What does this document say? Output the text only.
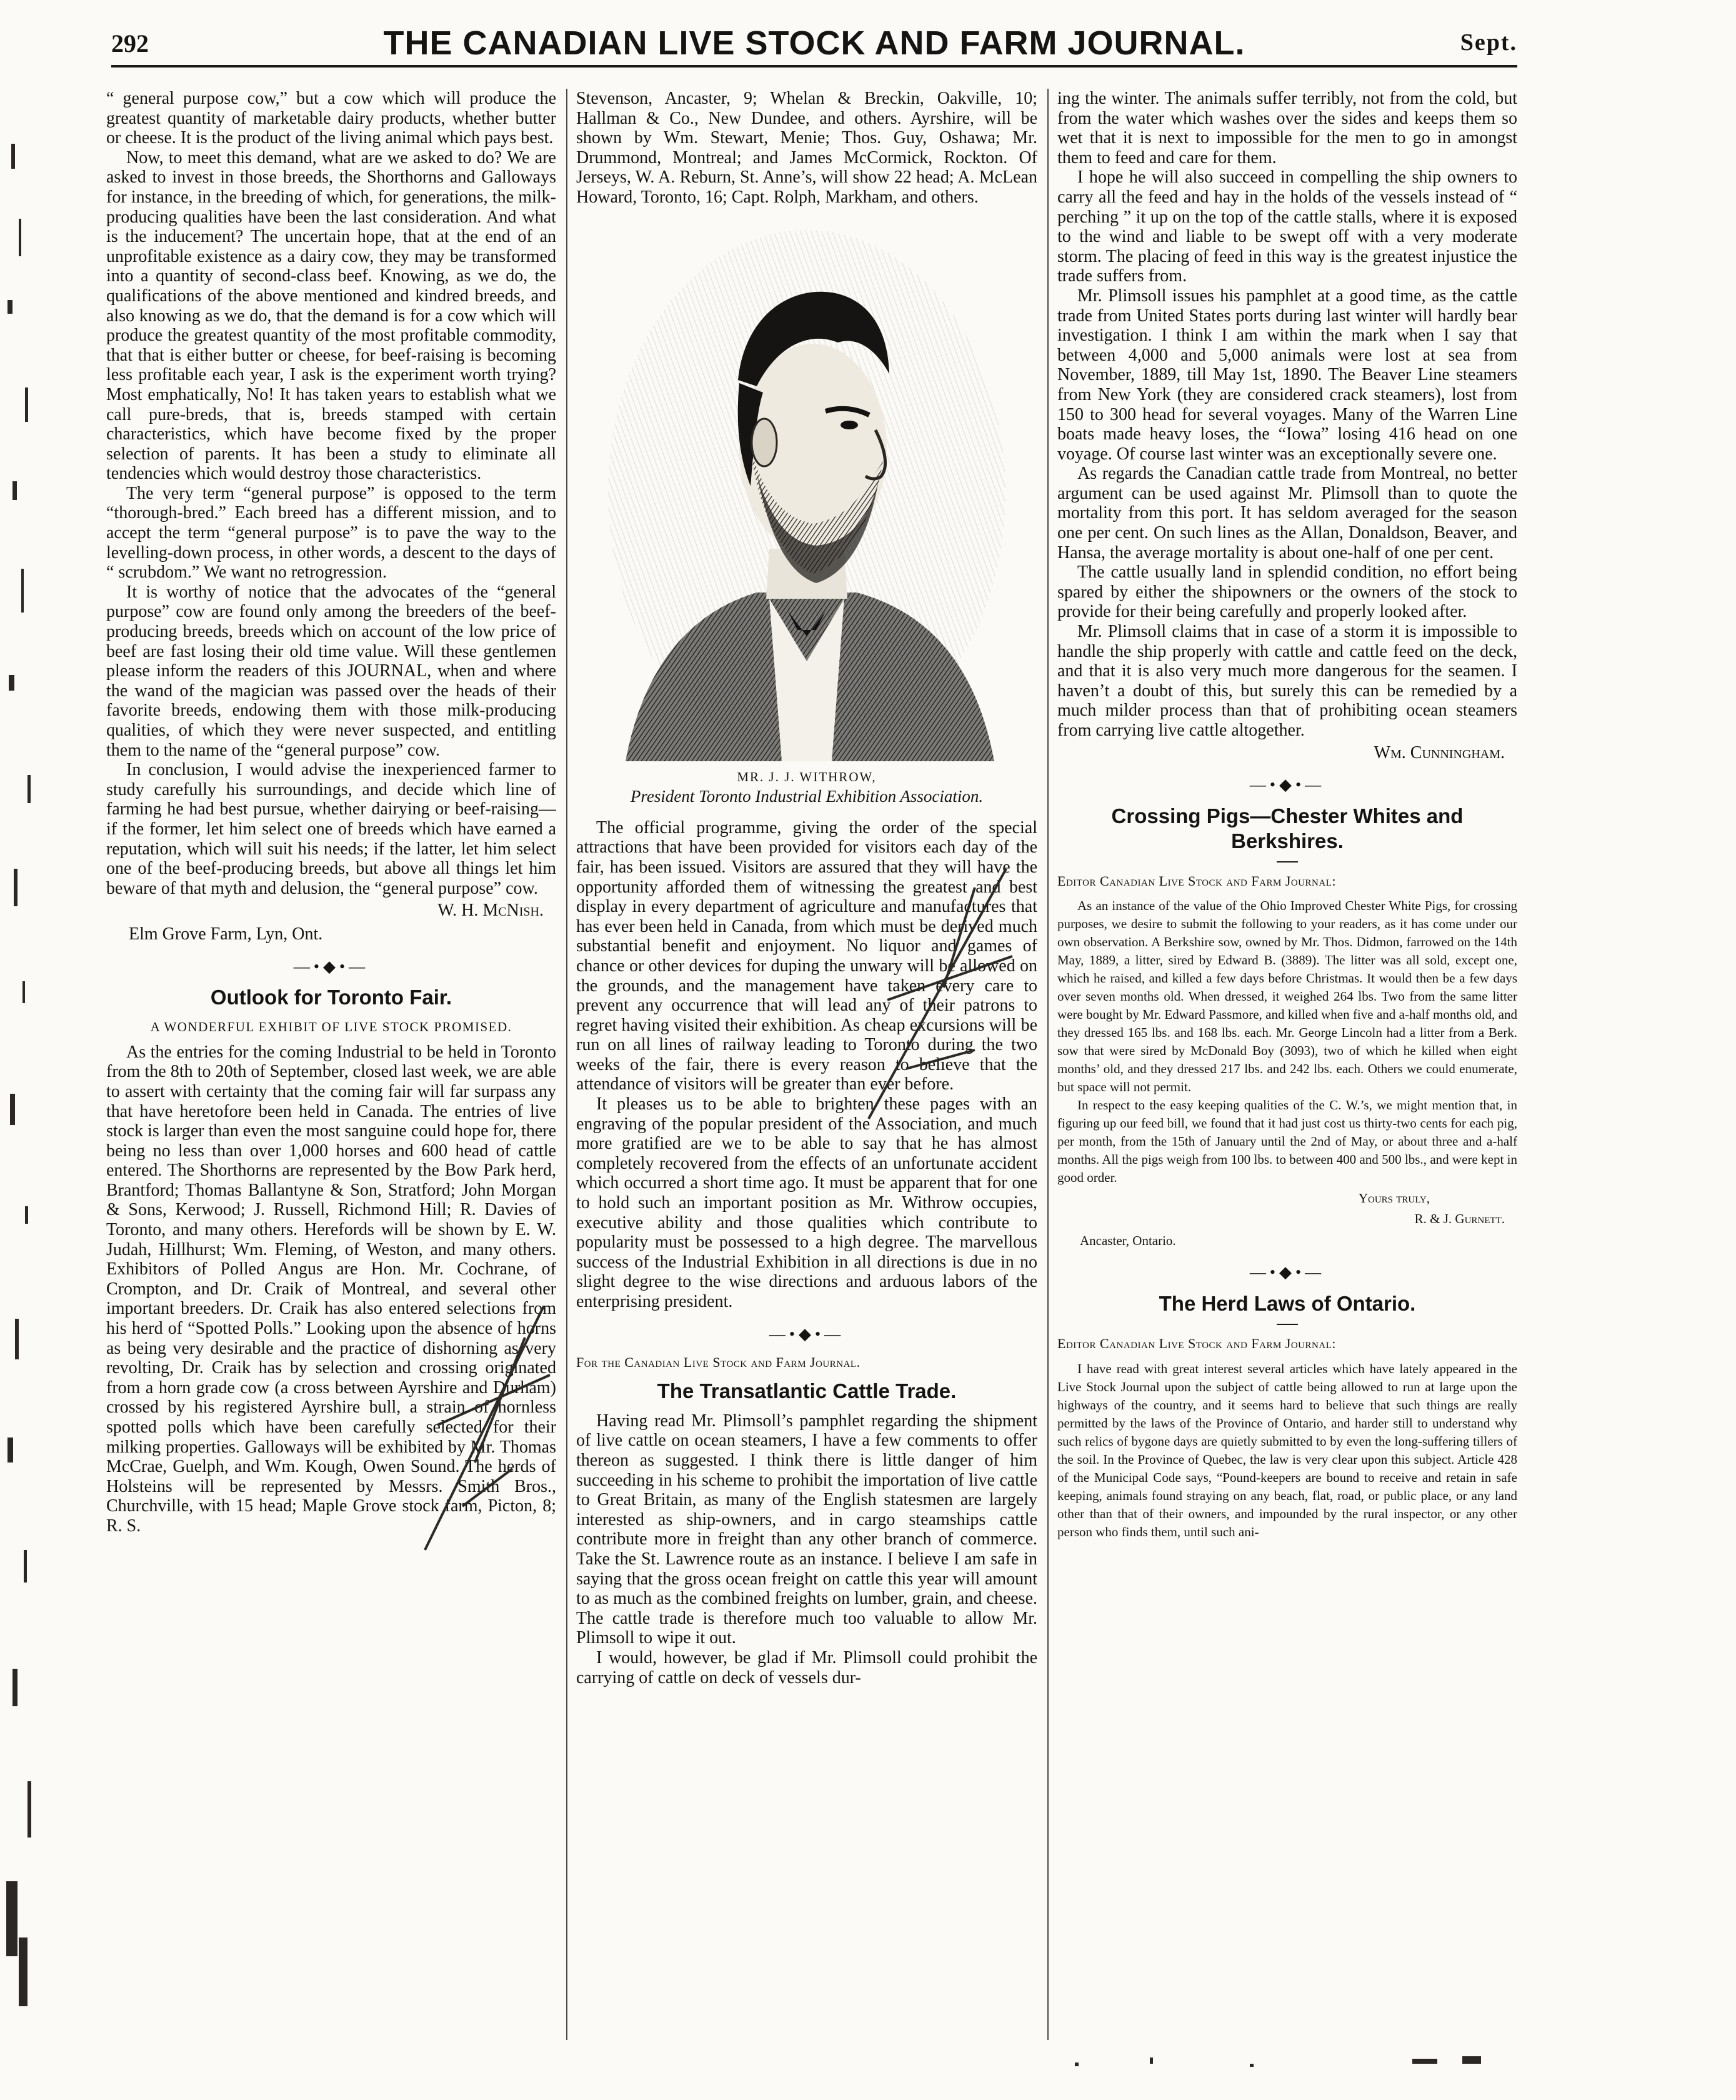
292	THE CANADIAN LIVE STOCK AND FARM JOURNAL.	Sept.

“ general purpose cow,” but a cow which will produce the greatest quantity of marketable dairy products, whether butter or cheese. It is the product of the living animal which pays best.

Now, to meet this demand, what are we asked to do? We are asked to invest in those breeds, the Shorthorns and Galloways for instance, in the breeding of which, for generations, the milk-producing qualities have been the last consideration. And what is the inducement? The uncertain hope, that at the end of an unprofitable existence as a dairy cow, they may be transformed into a quantity of second-class beef. Knowing, as we do, the qualifications of the above mentioned and kindred breeds, and also knowing as we do, that the demand is for a cow which will produce the greatest quantity of the most profitable commodity, that that is either butter or cheese, for beef-raising is becoming less profitable each year, I ask is the experiment worth trying? Most emphatically, No! It has taken years to establish what we call pure-breds, that is, breeds stamped with certain characteristics, which have become fixed by the proper selection of parents. It has been a study to eliminate all tendencies which would destroy those characteristics.

The very term “general purpose” is opposed to the term “thorough-bred.” Each breed has a different mission, and to accept the term “general purpose” is to pave the way to the levelling-down process, in other words, a descent to the days of “ scrubdom.” We want no retrogression.

It is worthy of notice that the advocates of the “general purpose” cow are found only among the breeders of the beef-producing breeds, breeds which on account of the low price of beef are fast losing their old time value. Will these gentlemen please inform the readers of this JOURNAL, when and where the wand of the magician was passed over the heads of their favorite breeds, endowing them with those milk-producing qualities, of which they were never suspected, and entitling them to the name of the “general purpose” cow.

In conclusion, I would advise the inexperienced farmer to study carefully his surroundings, and decide which line of farming he had best pursue, whether dairying or beef-raising—if the former, let him select one of breeds which have earned a reputation, which will suit his needs; if the latter, let him select one of the beef-producing breeds, but above all things let him beware of that myth and delusion, the “general purpose” cow.

W. H. McNish.

Elm Grove Farm, Lyn, Ont.

—•◆•—
Outlook for Toronto Fair.

A WONDERFUL EXHIBIT OF LIVE STOCK PROMISED.

As the entries for the coming Industrial to be held in Toronto from the 8th to 20th of September, closed last week, we are able to assert with certainty that the coming fair will far surpass any that have heretofore been held in Canada. The entries of live stock is larger than even the most sanguine could hope for, there being no less than over 1,000 horses and 600 head of cattle entered. The Shorthorns are represented by the Bow Park herd, Brantford; Thomas Ballantyne & Son, Stratford; John Morgan & Sons, Kerwood; J. Russell, Richmond Hill; R. Davies of Toronto, and many others. Herefords will be shown by E. W. Judah, Hillhurst; Wm. Fleming, of Weston, and many others. Exhibitors of Polled Angus are Hon. Mr. Cochrane, of Crompton, and Dr. Craik of Montreal, and several other important breeders. Dr. Craik has also entered selections from his herd of “Spotted Polls.” Looking upon the absence of horns as being very desirable and the practice of dishorning as very revolting, Dr. Craik has by selection and crossing originated from a horn grade cow (a cross between Ayrshire and Durham) crossed by his registered Ayrshire bull, a strain of hornless spotted polls which have been carefully selected for their milking properties. Galloways will be exhibited by Mr. Thomas McCrae, Guelph, and Wm. Kough, Owen Sound. The herds of Holsteins will be represented by Messrs. Smith Bros., Churchville, with 15 head; Maple Grove stock farm, Picton, 8; R. S.

Stevenson, Ancaster, 9; Whelan & Breckin, Oakville, 10; Hallman & Co., New Dundee, and others. Ayrshire, will be shown by Wm. Stewart, Menie; Thos. Guy, Oshawa; Mr. Drummond, Montreal; and James McCormick, Rockton. Of Jerseys, W. A. Reburn, St. Anne’s, will show 22 head; A. McLean Howard, Toronto, 16; Capt. Rolph, Markham, and others.

MR. J. J. WITHROW,

President Toronto Industrial Exhibition Association.

The official programme, giving the order of the special attractions that have been provided for visitors each day of the fair, has been issued. Visitors are assured that they will have the opportunity afforded them of witnessing the greatest and best display in every department of agriculture and manufactures that has ever been held in Canada, from which must be derived much substantial benefit and enjoyment. No liquor and games of chance or other devices for duping the unwary will be allowed on the grounds, and the management have taken every care to prevent any occurrence that will lead any of their patrons to regret having visited their exhibition. As cheap excursions will be run on all lines of railway leading to Toronto during the two weeks of the fair, there is every reason to believe that the attendance of visitors will be greater than ever before.

It pleases us to be able to brighten these pages with an engraving of the popular president of the Association, and much more gratified are we to be able to say that he has almost completely recovered from the effects of an unfortunate accident which occurred a short time ago. It must be apparent that for one to hold such an important position as Mr. Withrow occupies, executive ability and those qualities which contribute to popularity must be possessed to a high degree. The marvellous success of the Industrial Exhibition in all directions is due in no slight degree to the wise directions and arduous labors of the enterprising president.

—•◆•—

For the Canadian Live Stock and Farm Journal.

The Transatlantic Cattle Trade.

Having read Mr. Plimsoll’s pamphlet regarding the shipment of live cattle on ocean steamers, I have a few comments to offer thereon as suggested. I think there is little danger of him succeeding in his scheme to prohibit the importation of live cattle to Great Britain, as many of the English statesmen are largely interested as ship-owners, and in cargo steamships cattle contribute more in freight than any other branch of commerce. Take the St. Lawrence route as an instance. I believe I am safe in saying that the gross ocean freight on cattle this year will amount to as much as the combined freights on lumber, grain, and cheese. The cattle trade is therefore much too valuable to allow Mr. Plimsoll to wipe it out.

I would, however, be glad if Mr. Plimsoll could prohibit the carrying of cattle on deck of vessels dur-

ing the winter. The animals suffer terribly, not from the cold, but from the water which washes over the sides and keeps them so wet that it is next to impossible for the men to go in amongst them to feed and care for them.

I hope he will also succeed in compelling the ship owners to carry all the feed and hay in the holds of the vessels instead of “ perching ” it up on the top of the cattle stalls, where it is exposed to the wind and liable to be swept off with a very moderate storm. The placing of feed in this way is the greatest injustice the trade suffers from.

Mr. Plimsoll issues his pamphlet at a good time, as the cattle trade from United States ports during last winter will hardly bear investigation. I think I am within the mark when I say that between 4,000 and 5,000 animals were lost at sea from November, 1889, till May 1st, 1890. The Beaver Line steamers from New York (they are considered crack steamers), lost from 150 to 300 head for several voyages. Many of the Warren Line boats made heavy loses, the “Iowa” losing 416 head on one voyage. Of course last winter was an exceptionally severe one.

As regards the Canadian cattle trade from Montreal, no better argument can be used against Mr. Plimsoll than to quote the mortality from this port. It has seldom averaged for the season one per cent. On such lines as the Allan, Donaldson, Beaver, and Hansa, the average mortality is about one-half of one per cent.

The cattle usually land in splendid condition, no effort being spared by either the shipowners or the owners of the stock to provide for their being carefully and properly looked after.

Mr. Plimsoll claims that in case of a storm it is impossible to handle the ship properly with cattle and cattle feed on the deck, and that it is also very much more dangerous for the seamen. I haven’t a doubt of this, but surely this can be remedied by a much milder process than that of prohibiting ocean steamers from carrying live cattle altogether.

Wm. Cunningham.
—•◆•—
Crossing Pigs—Chester Whites and Berkshires.

Editor Canadian Live Stock and Farm Journal:

As an instance of the value of the Ohio Improved Chester White Pigs, for crossing purposes, we desire to submit the following to your readers, as it has come under our own observation. A Berkshire sow, owned by Mr. Thos. Didmon, farrowed on the 14th May, 1889, a litter, sired by Edward B. (3889). The litter was all sold, except one, which he raised, and killed a few days before Christmas. It would then be a few days over seven months old. When dressed, it weighed 264 lbs. Two from the same litter were bought by Mr. Edward Passmore, and killed when five and a-half months old, and they dressed 165 lbs. and 168 lbs. each. Mr. George Lincoln had a litter from a Berk. sow that were sired by McDonald Boy (3093), two of which he killed when eight months’ old, and they dressed 217 lbs. and 242 lbs. each. Others we could enumerate, but space will not permit.

In respect to the easy keeping qualities of the C. W.’s, we might mention that, in figuring up our feed bill, we found that it had just cost us thirty-two cents for each pig, per month, from the 15th of January until the 2nd of May, or about three and a-half months. All the pigs weigh from 100 lbs. to between 400 and 500 lbs., and were kept in good order.

Yours truly,
R. & J. Gurnett.

Ancaster, Ontario.

—•◆•—
The Herd Laws of Ontario.

Editor Canadian Live Stock and Farm Journal:

I have read with great interest several articles which have lately appeared in the Live Stock Journal upon the subject of cattle being allowed to run at large upon the highways of the country, and it seems hard to believe that such things are really permitted by the laws of the Province of Ontario, and harder still to understand why such relics of bygone days are quietly submitted to by even the long-suffering tillers of the soil. In the Province of Quebec, the law is very clear upon this subject. Article 428 of the Municipal Code says, “Pound-keepers are bound to receive and retain in safe keeping, animals found straying on any beach, flat, road, or public place, or any land other than that of their owners, and impounded by the rural inspector, or any other person who finds them, until such ani-
